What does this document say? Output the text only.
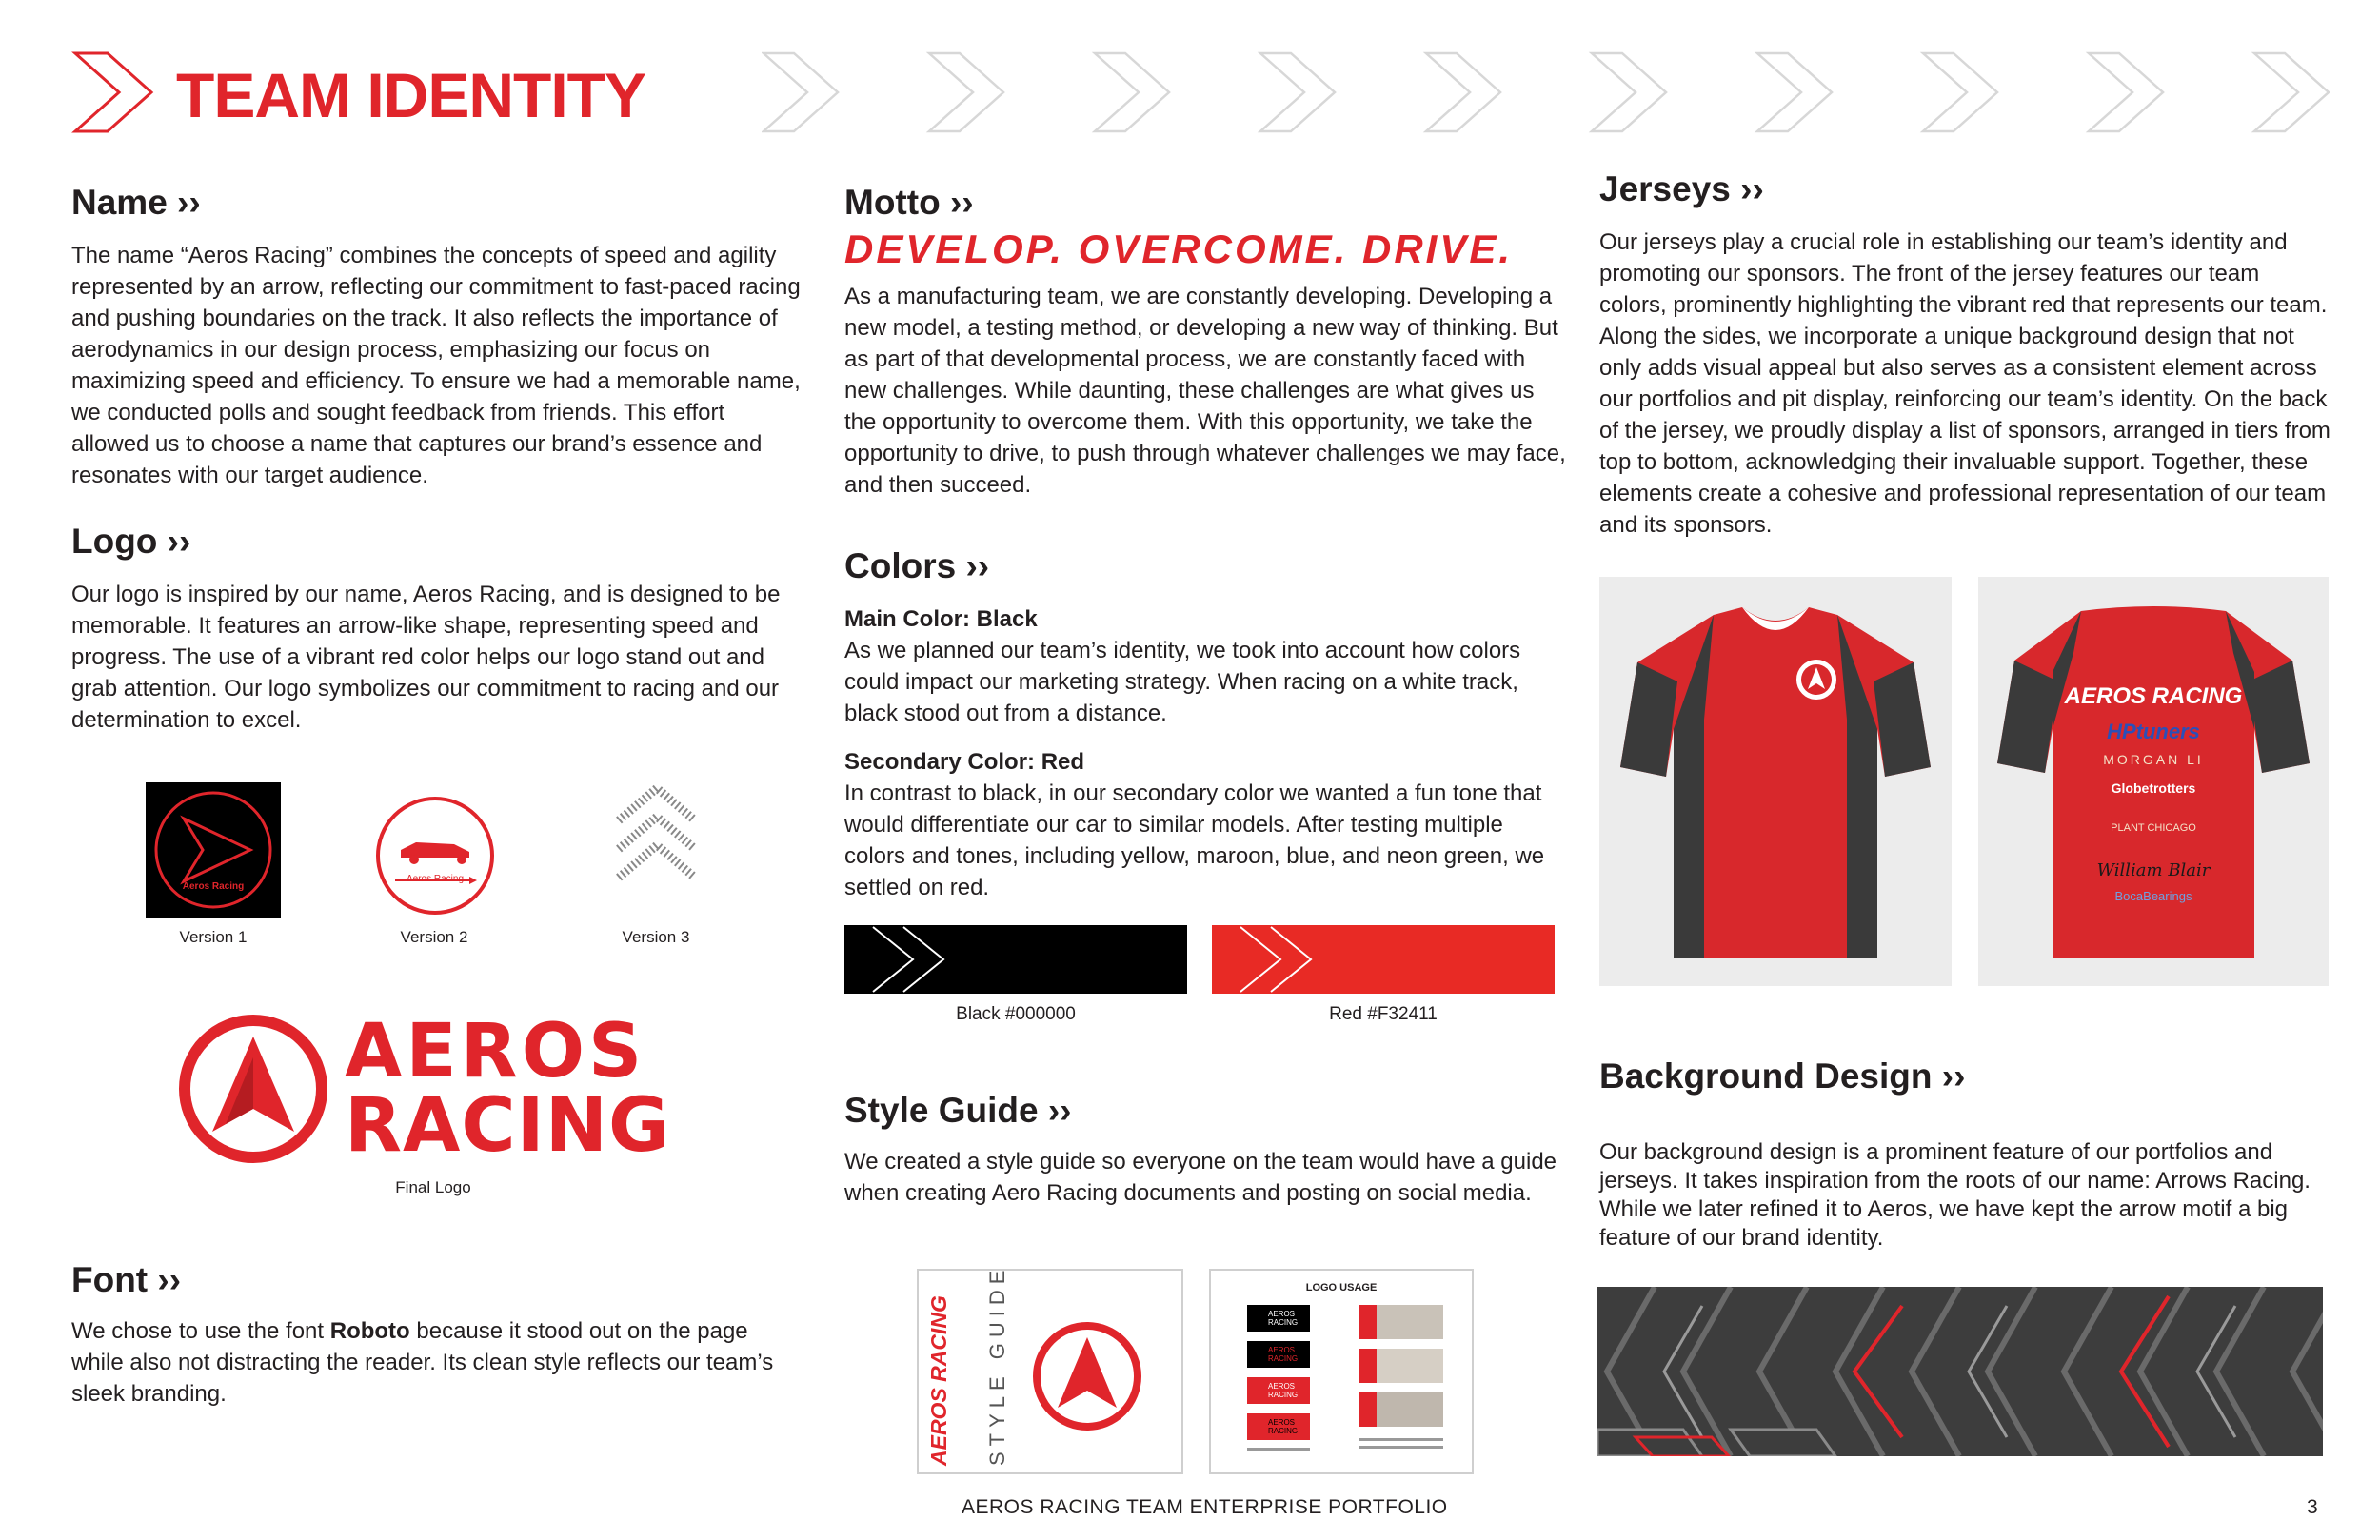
TEAM IDENTITY
Name ››

The name “Aeros Racing” combines the concepts of speed and agility represented by an arrow, reflecting our commitment to fast-paced racing and pushing boundaries on the track. It also reflects the importance of aerodynamics in our design process, emphasizing our focus on maximizing speed and efficiency. To ensure we had a memorable name, we conducted polls and sought feedback from friends. This effort allowed us to choose a name that captures our brand’s essence and resonates with our target audience.

Logo ››

Our logo is inspired by our name, Aeros Racing, and is designed to be memorable. It features an arrow-like shape, representing speed and progress. The use of a vibrant red color helps our logo stand out and grab attention. Our logo symbolizes our commitment to racing and our determination to excel.

Aeros Racing
Version 1
Aeros Racing
Version 2	Version 3
AEROS
RACING
Final Logo
Font ››

We chose to use the font Roboto because it stood out on the page while also not distracting the reader. Its clean style reflects our team’s sleek branding.

Motto ››
DEVELOP. OVERCOME. DRIVE.

As a manufacturing team, we are constantly developing. Developing a new model, a testing method, or developing a new way of thinking. But as part of that developmental process, we are constantly faced with new challenges. While daunting, these challenges are what gives us the opportunity to overcome them. With this opportunity, we take the opportunity to drive, to push through whatever challenges we may face, and then succeed.

Colors ››
Main Color: Black

As we planned our team’s identity, we took into account how colors could impact our marketing strategy. When racing on a white track, black stood out from a distance.

Secondary Color: Red

In contrast to black, in our secondary color we wanted a fun tone that would differentiate our car to similar models. After testing multiple colors and tones, including yellow, maroon, blue, and neon green, we settled on red.

Black #000000	Red #F32411
Style Guide ››

We created a style guide so everyone on the team would have a guide when creating Aero Racing documents and posting on social media.

AEROS RACING STYLE GUIDE	LOGO USAGE
AEROS
RACING
AEROS
RACING
AEROS
RACING
AEROS
RACING
Jerseys ››

Our jerseys play a crucial role in establishing our team’s identity and promoting our sponsors. The front of the jersey features our team colors, prominently highlighting the vibrant red that represents our team. Along the sides, we incorporate a unique background design that not only adds visual appeal but also serves as a consistent element across our portfolios and pit display, reinforcing our team’s identity. On the back of the jersey, we proudly display a list of sponsors, arranged in tiers from top to bottom, acknowledging their invaluable support. Together, these elements create a cohesive and professional representation of our team and its sponsors.

AEROS RACING
HPtuners
MORGAN LI
Globetrotters
PLANT CHICAGO
William Blair
BocaBearings
Background Design ››

Our background design is a prominent feature of our portfolios and jerseys. It takes inspiration from the roots of our name: Arrows Racing. While we later refined it to Aeros, we have kept the arrow motif a big feature of our brand identity.

AEROS RACING TEAM ENTERPRISE PORTFOLIO	3
